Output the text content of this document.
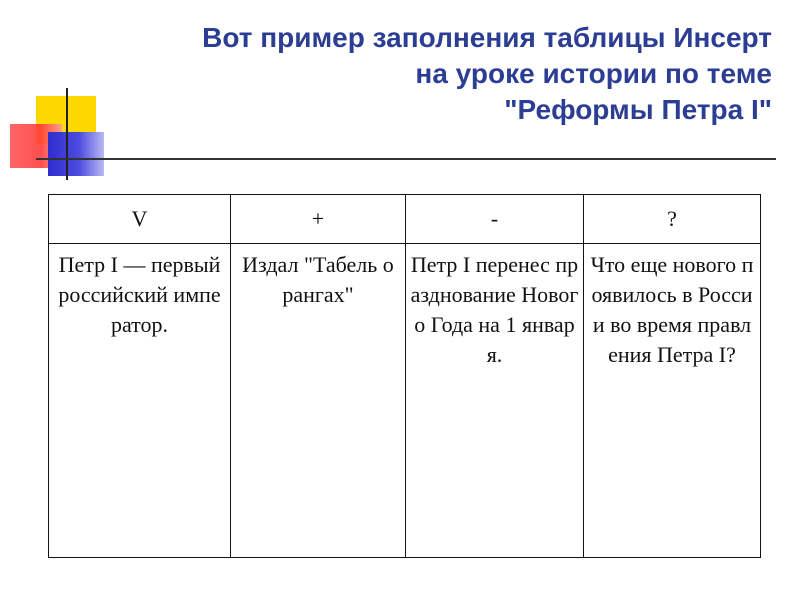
Вот пример заполнения таблицы Инсерт
на уроке истории по теме
"Реформы Петра I"
V	+	-	?
Петр I — первый российский император.	Издал "Табель о рангах"	Петр I перенес празднование Нового Года на 1 января.	Что еще нового появилось в России во время правления Петра I?
